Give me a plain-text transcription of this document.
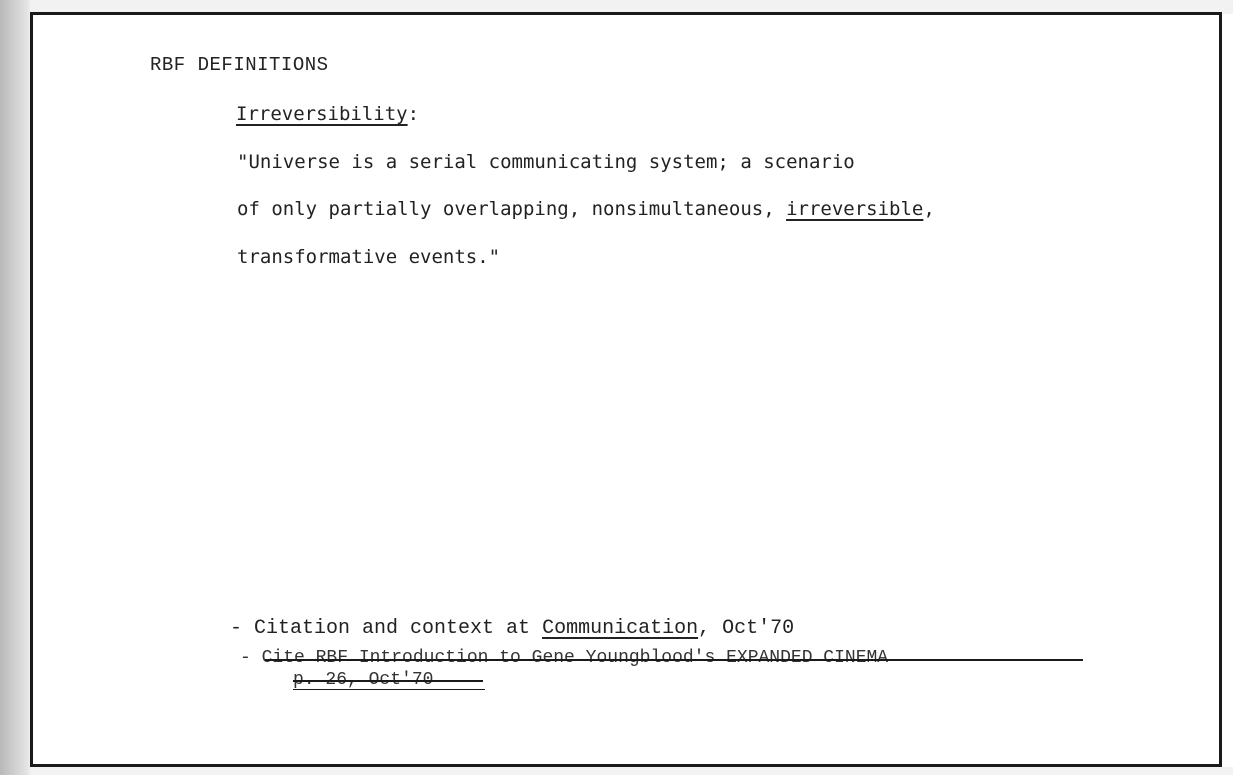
RBF DEFINITIONS
Irreversibility:
"Universe is a serial communicating system; a scenario
of only partially overlapping, nonsimultaneous, irreversible,
transformative events."
- Citation and context at Communication, Oct'70
- Cite RBF Introduction to Gene Youngblood's EXPANDED CINEMA
p. 26, Oct'70
